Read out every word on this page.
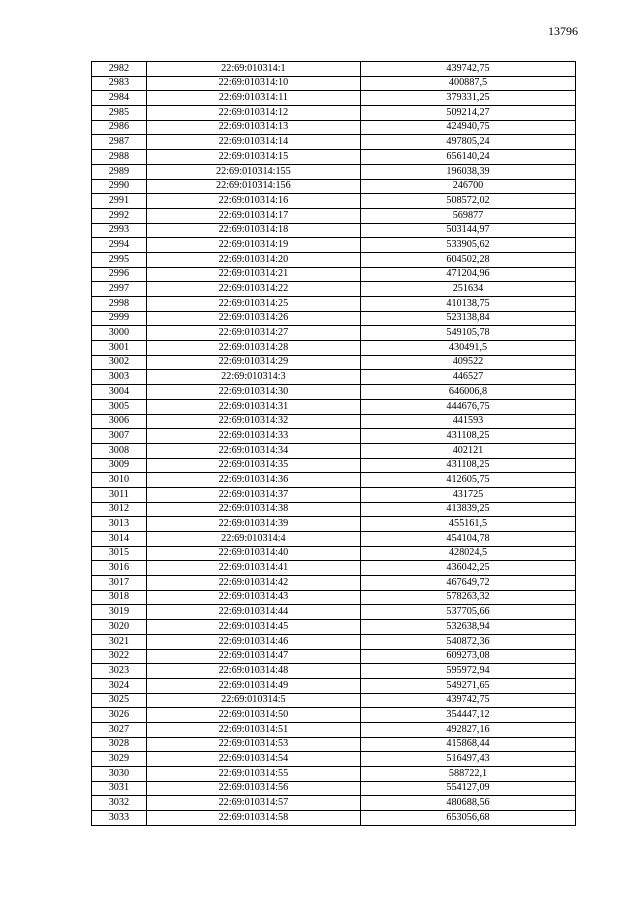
13796
2982	22:69:010314:1	439742,75
2983	22:69:010314:10	400887,5
2984	22:69:010314:11	379331,25
2985	22:69:010314:12	509214,27
2986	22:69:010314:13	424940,75
2987	22:69:010314:14	497805,24
2988	22:69:010314:15	656140,24
2989	22:69:010314:155	196038,39
2990	22:69:010314:156	246700
2991	22:69:010314:16	508572,02
2992	22:69:010314:17	569877
2993	22:69:010314:18	503144,97
2994	22:69:010314:19	533905,62
2995	22:69:010314:20	604502,28
2996	22:69:010314:21	471204,96
2997	22:69:010314:22	251634
2998	22:69:010314:25	410138,75
2999	22:69:010314:26	523138,84
3000	22:69:010314:27	549105,78
3001	22:69:010314:28	430491,5
3002	22:69:010314:29	409522
3003	22:69:010314:3	446527
3004	22:69:010314:30	646006,8
3005	22:69:010314:31	444676,75
3006	22:69:010314:32	441593
3007	22:69:010314:33	431108,25
3008	22:69:010314:34	402121
3009	22:69:010314:35	431108,25
3010	22:69:010314:36	412605,75
3011	22:69:010314:37	431725
3012	22:69:010314:38	413839,25
3013	22:69:010314:39	455161,5
3014	22:69:010314:4	454104,78
3015	22:69:010314:40	428024,5
3016	22:69:010314:41	436042,25
3017	22:69:010314:42	467649,72
3018	22:69:010314:43	578263,32
3019	22:69:010314:44	537705,66
3020	22:69:010314:45	532638,94
3021	22:69:010314:46	540872,36
3022	22:69:010314:47	609273,08
3023	22:69:010314:48	595972,94
3024	22:69:010314:49	549271,65
3025	22:69:010314:5	439742,75
3026	22:69:010314:50	354447,12
3027	22:69:010314:51	492827,16
3028	22:69:010314:53	415868,44
3029	22:69:010314:54	516497,43
3030	22:69:010314:55	588722,1
3031	22:69:010314:56	554127,09
3032	22:69:010314:57	480688,56
3033	22:69:010314:58	653056,68
